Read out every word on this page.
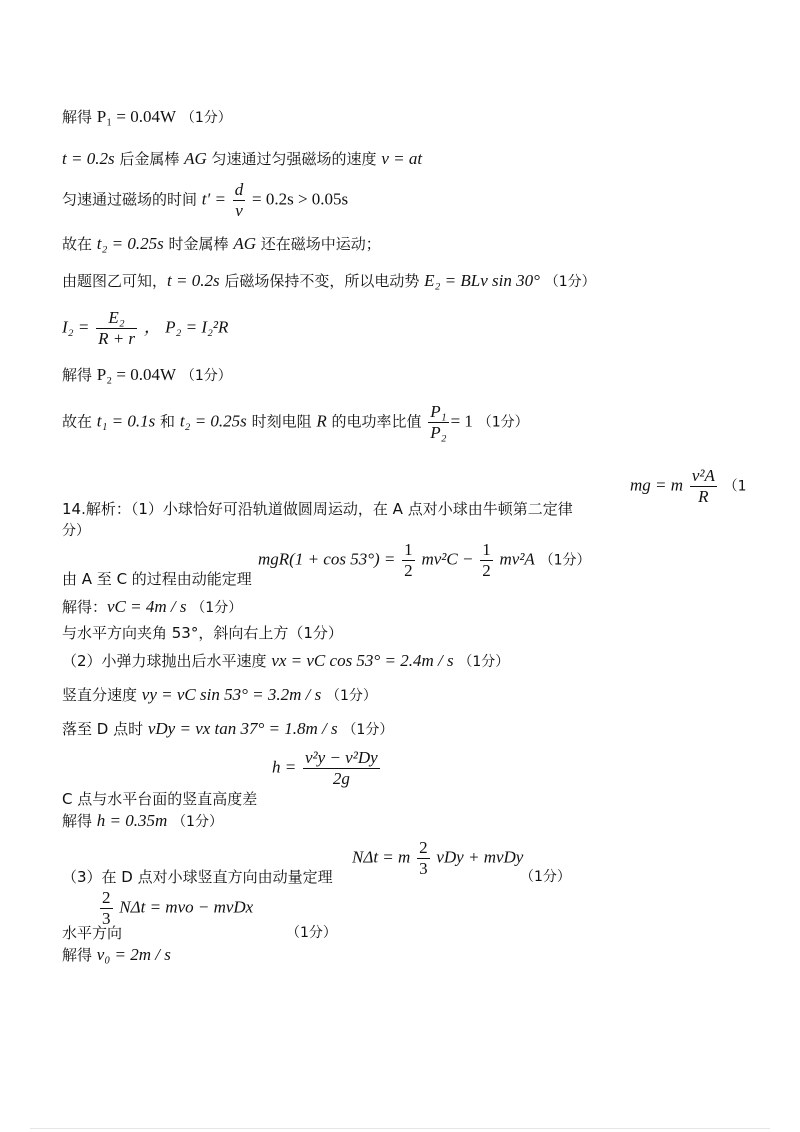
解得 P₁ = 0.04W （1分）
t = 0.2s 后金属棒 AG 匀速通过匀强磁场的速度 v = at
匀速通过磁场的时间 $t' = \frac{d}{v} = 0.2s > 0.05s$
故在 t₂ = 0.25s 时金属棒 AG 还在磁场中运动；
由题图乙可知，t = 0.2s 后磁场保持不变，所以电动势 E₂ = BLv sin 30° （1分）
$I_2 = \frac{\text{E₂}}{R + r}$ ， P₂ = I₂²R
解得 P₂ = 0.04W （1分）
故在 t₁ = 0.1s 和 t₂ = 0.25s 时刻电阻 R 的电功率比值 $\frac{\text{P₁}}{\text{P₂}} = 1$ （1分）
14.解析：（1）小球恰好可沿轨道做圆周运动，在 A 点对小球由牛顿第二定律
mg = m $\frac{\text{v²A}}{R} (1$
分）
$mgR(1 + \cos 53^\circ) = \frac{1}{2} mv^2C - \frac{1}{2} mv^2A$ （1分）
由 A 至 C 的过程由动能定理
解得：vC = 4m / s （1分）
与水平方向夹角 53°，斜向右上方（1分）
（2）小弹力球抛出后水平速度 vx = vC cos 53° = 2.4m / s （1分）
竖直分速度 vy = vC sin 53° = 3.2m / s （1分）
落至 D 点时 vDy = vx tan 37° = 1.8m / s （1分）
$h = \frac{\text{v²y − v²Dy}}{2g}$
C 点与水平台面的竖直高度差
解得 h = 0.35m （1分）
NΔt = m $\frac{2}{3}$ vDy + mvDy
（3）在 D 点对小球竖直方向由动量定理	（1分）
$\frac{2}{3}$ NΔt = mvo − mvDx
水平方向	（1分）
解得 v₀ = 2m / s
